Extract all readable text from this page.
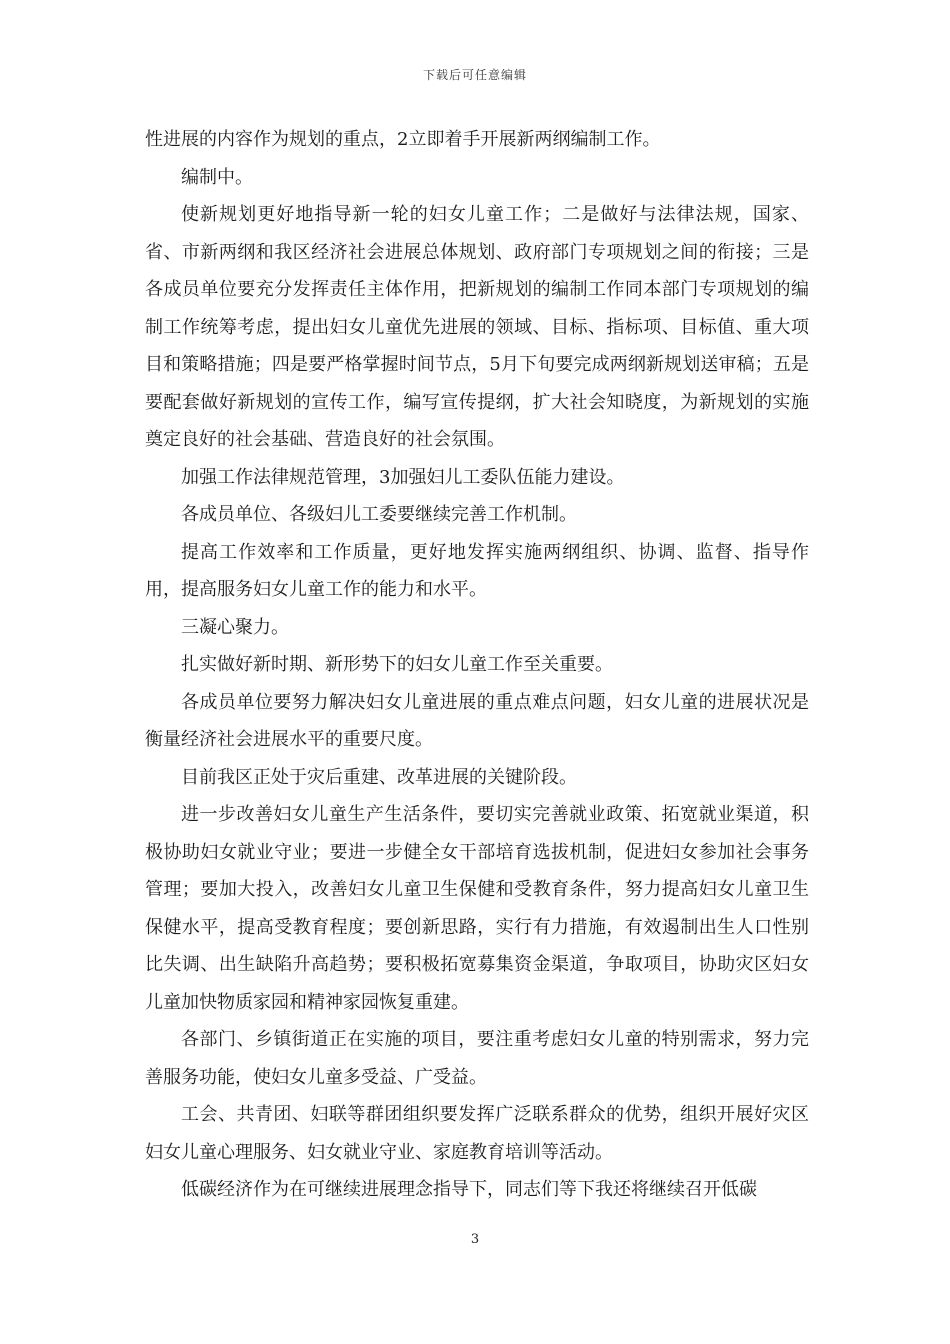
下载后可任意编辑

性进展的内容作为规划的重点，2立即着手开展新两纲编制工作。

编制中。

使新规划更好地指导新一轮的妇女儿童工作；二是做好与法律法规，国家、省、市新两纲和我区经济社会进展总体规划、政府部门专项规划之间的衔接；三是各成员单位要充分发挥责任主体作用，把新规划的编制工作同本部门专项规划的编制工作统筹考虑，提出妇女儿童优先进展的领域、目标、指标项、目标值、重大项目和策略措施；四是要严格掌握时间节点，5月下旬要完成两纲新规划送审稿；五是要配套做好新规划的宣传工作，编写宣传提纲，扩大社会知晓度，为新规划的实施奠定良好的社会基础、营造良好的社会氛围。

加强工作法律规范管理，3加强妇儿工委队伍能力建设。

各成员单位、各级妇儿工委要继续完善工作机制。

提高工作效率和工作质量，更好地发挥实施两纲组织、协调、监督、指导作用，提高服务妇女儿童工作的能力和水平。

三凝心聚力。

扎实做好新时期、新形势下的妇女儿童工作至关重要。

各成员单位要努力解决妇女儿童进展的重点难点问题，妇女儿童的进展状况是衡量经济社会进展水平的重要尺度。

目前我区正处于灾后重建、改革进展的关键阶段。

进一步改善妇女儿童生产生活条件，要切实完善就业政策、拓宽就业渠道，积极协助妇女就业守业；要进一步健全女干部培育选拔机制，促进妇女参加社会事务管理；要加大投入，改善妇女儿童卫生保健和受教育条件，努力提高妇女儿童卫生保健水平，提高受教育程度；要创新思路，实行有力措施，有效遏制出生人口性别比失调、出生缺陷升高趋势；要积极拓宽募集资金渠道，争取项目，协助灾区妇女儿童加快物质家园和精神家园恢复重建。

各部门、乡镇街道正在实施的项目，要注重考虑妇女儿童的特别需求，努力完善服务功能，使妇女儿童多受益、广受益。

工会、共青团、妇联等群团组织要发挥广泛联系群众的优势，组织开展好灾区妇女儿童心理服务、妇女就业守业、家庭教育培训等活动。

低碳经济作为在可继续进展理念指导下，同志们等下我还将继续召开低碳

3
